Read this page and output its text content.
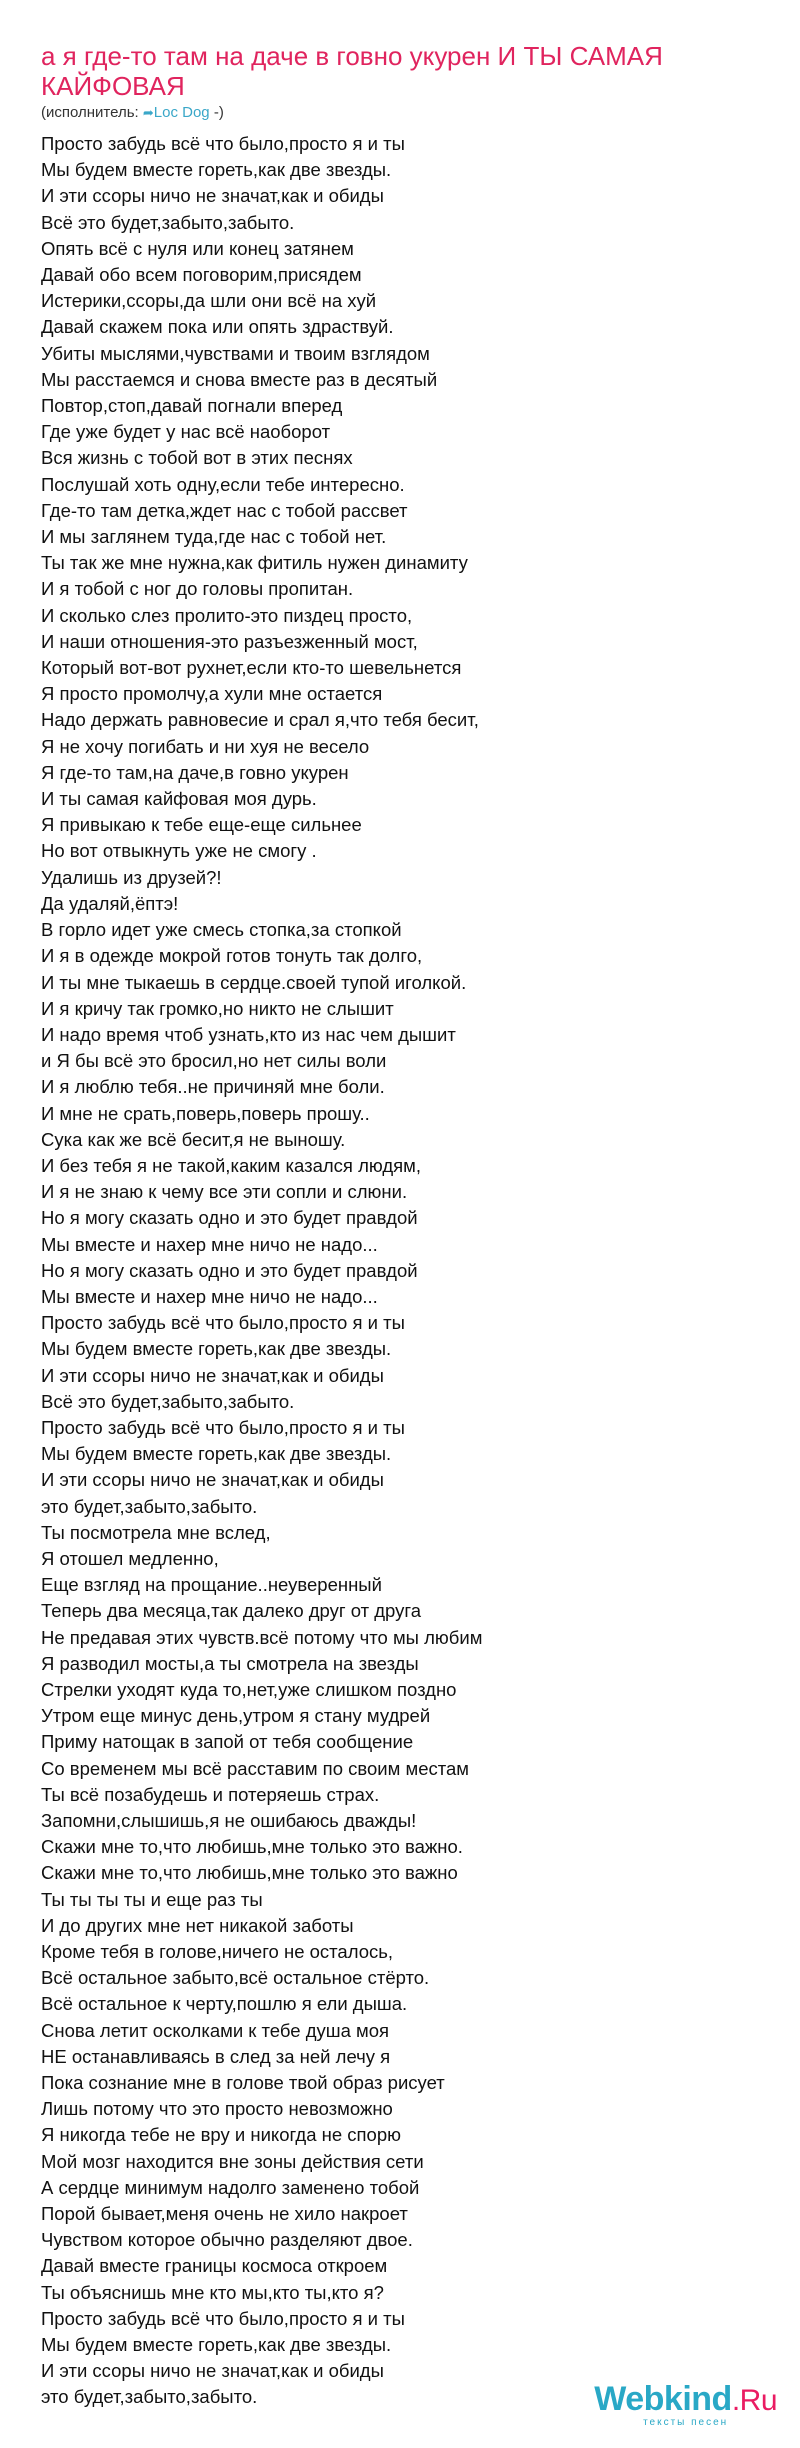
а я где-то там на даче в говно укурен И ТЫ САМАЯ КАЙФОВАЯ
(исполнитель: ➦Loc Dog -)
Просто забудь всё что было,просто я и ты
Мы будем вместе гореть,как две звезды.
И эти ссоры ничо не значат,как и обиды
Всё это будет,забыто,забыто.
Опять всё с нуля или конец затянем
Давай обо всем поговорим,присядем
Истерики,ссоры,да шли они всё на хуй
Давай скажем пока или опять здраствуй.
Убиты мыслями,чувствами и твоим взглядом
Мы расстаемся и снова вместе раз в десятый
Повтор,стоп,давай погнали вперед
Где уже будет у нас всё наоборот
Вся жизнь с тобой вот в этих песнях
Послушай хоть одну,если тебе интересно.
Где-то там детка,ждет нас с тобой рассвет
И мы заглянем туда,где нас с тобой нет.
Ты так же мне нужна,как фитиль нужен динамиту
И я тобой с ног до головы пропитан.
И сколько слез пролито-это пиздец просто,
И наши отношения-это разъезженный мост,
Который вот-вот рухнет,если кто-то шевельнется
Я просто промолчу,а хули мне остается
Надо держать равновесие и срал я,что тебя бесит,
Я не хочу погибать и ни хуя не весело
Я где-то там,на даче,в говно укурен
И ты самая кайфовая моя дурь.
Я привыкаю к тебе еще-еще сильнее
Но вот отвыкнуть уже не смогу .
Удалишь из друзей?!
Да удаляй,ёптэ!
В горло идет уже смесь стопка,за стопкой
И я в одежде мокрой готов тонуть так долго,
И ты мне тыкаешь в сердце.своей тупой иголкой.
И я кричу так громко,но никто не слышит
И надо время чтоб узнать,кто из нас чем дышит
и Я бы всё это бросил,но нет силы воли
И я люблю тебя..не причиняй мне боли.
И мне не срать,поверь,поверь прошу..
Сука как же всё бесит,я не выношу.
И без тебя я не такой,каким казался людям,
И я не знаю к чему все эти сопли и слюни.
Но я могу сказать одно и это будет правдой
Мы вместе и нахер мне ничо не надо...
Но я могу сказать одно и это будет правдой
Мы вместе и нахер мне ничо не надо...
Просто забудь всё что было,просто я и ты
Мы будем вместе гореть,как две звезды.
И эти ссоры ничо не значат,как и обиды
Всё это будет,забыто,забыто.
Просто забудь всё что было,просто я и ты
Мы будем вместе гореть,как две звезды.
И эти ссоры ничо не значат,как и обиды
это будет,забыто,забыто.
Ты посмотрела мне вслед,
Я отошел медленно,
Еще взгляд на прощание..неуверенный
Теперь два месяца,так далеко друг от друга
Не предавая этих чувств.всё потому что мы любим
Я разводил мосты,а ты смотрела на звезды
Стрелки уходят куда то,нет,уже слишком поздно
Утром еще минус день,утром я стану мудрей
Приму натощак в запой от тебя сообщение
Со временем мы всё расставим по своим местам
Ты всё позабудешь и потеряешь страх.
Запомни,слышишь,я не ошибаюсь дважды!
Скажи мне то,что любишь,мне только это важно.
Скажи мне то,что любишь,мне только это важно
Ты ты ты ты и еще раз ты
И до других мне нет никакой заботы
Кроме тебя в голове,ничего не осталось,
Всё остальное забыто,всё остальное стёрто.
Всё остальное к черту,пошлю я ели дыша.
Снова летит осколками к тебе душа моя
НЕ останавливаясь в след за ней лечу я
Пока сознание мне в голове твой образ рисует
Лишь потому что это просто невозможно
Я никогда тебе не вру и никогда не спорю
Мой мозг находится вне зоны действия сети
А сердце минимум надолго заменено тобой
Порой бывает,меня очень не хило накроет
Чувством которое обычно разделяют двое.
Давай вместе границы космоса откроем
Ты объяснишь мне кто мы,кто ты,кто я?
Просто забудь всё что было,просто я и ты
Мы будем вместе гореть,как две звезды.
И эти ссоры ничо не значат,как и обиды
это будет,забыто,забыто.	Webkind.Ru
тексты песен
